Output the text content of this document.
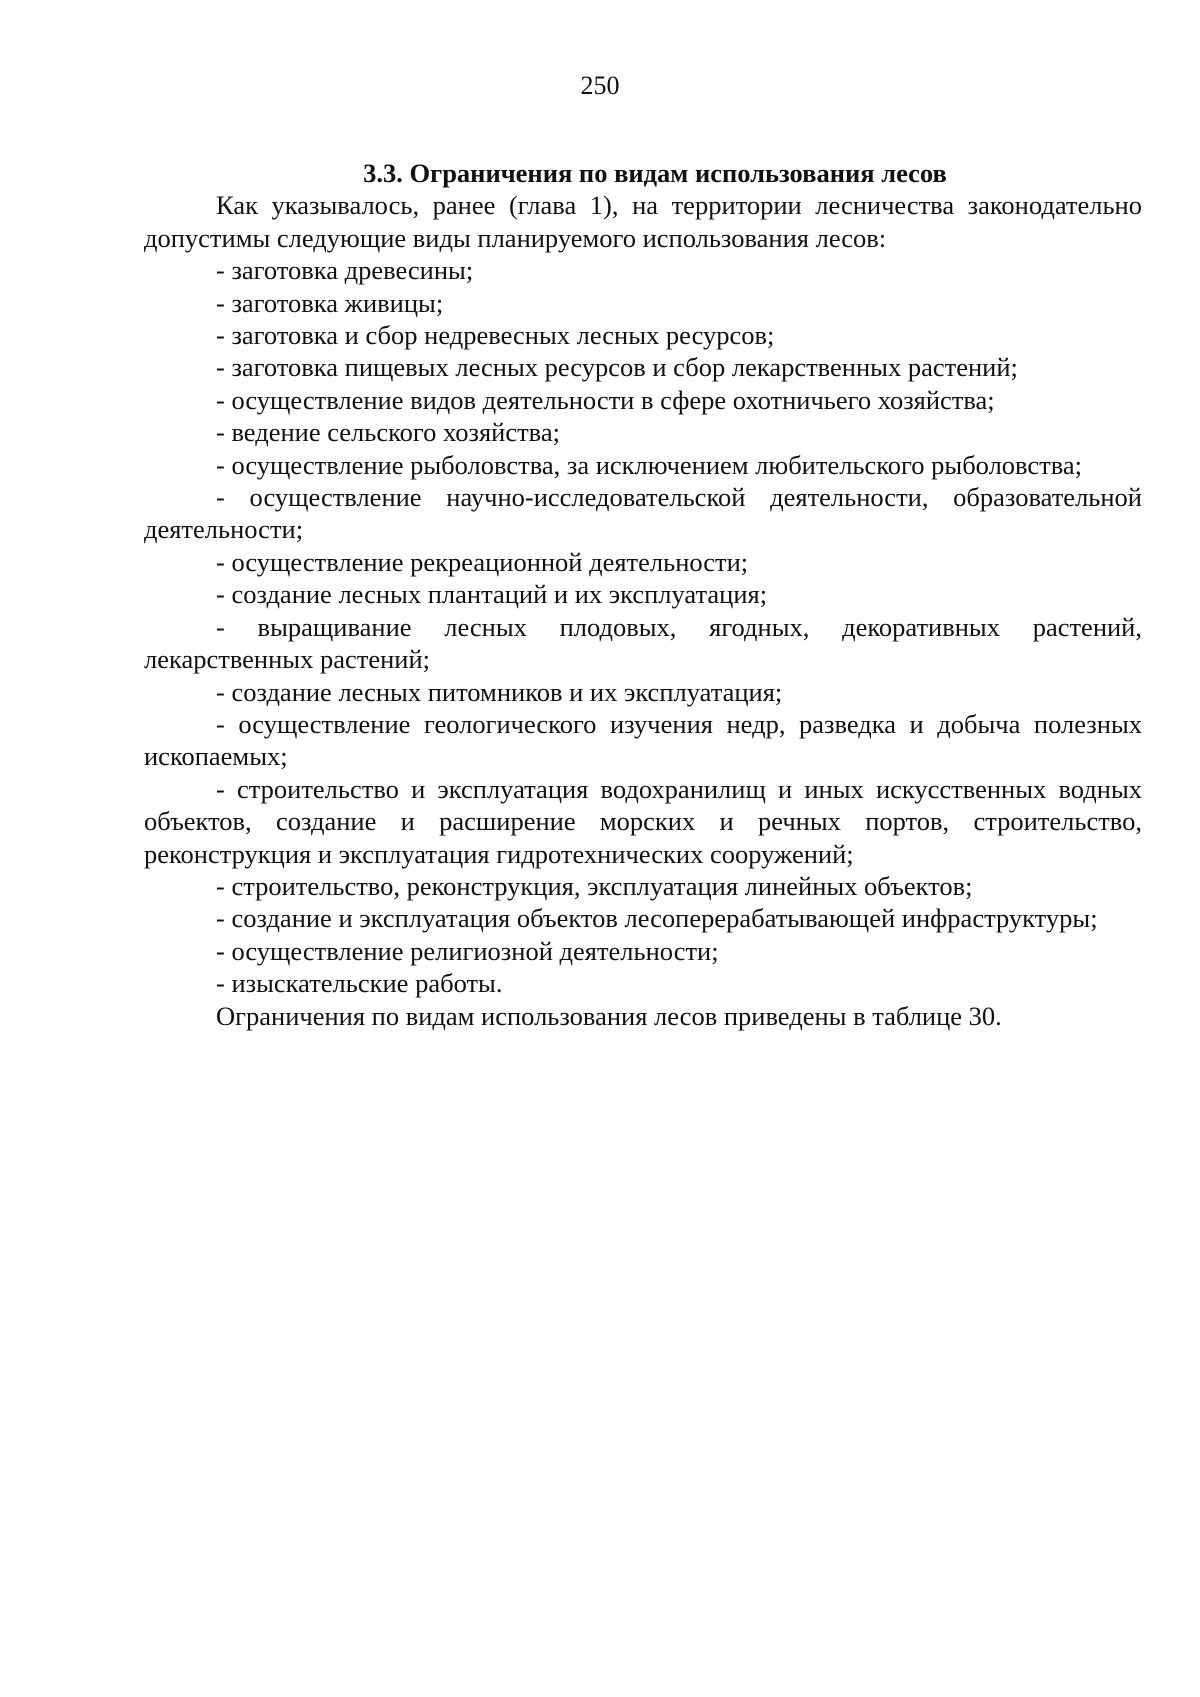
250

3.3. Ограничения по видам использования лесов

Как указывалось, ранее (глава 1), на территории лесничества законодательно допустимы следующие виды планируемого использования лесов:

- заготовка древесины;

- заготовка живицы;

- заготовка и сбор недревесных лесных ресурсов;

- заготовка пищевых лесных ресурсов и сбор лекарственных растений;

- осуществление видов деятельности в сфере охотничьего хозяйства;

- ведение сельского хозяйства;

- осуществление рыболовства, за исключением любительского рыболовства;

- осуществление научно-исследовательской деятельности, образовательной деятельности;

- осуществление рекреационной деятельности;

- создание лесных плантаций и их эксплуатация;

- выращивание лесных плодовых, ягодных, декоративных растений, лекарственных растений;

- создание лесных питомников и их эксплуатация;

- осуществление геологического изучения недр, разведка и добыча полезных ископаемых;

- строительство и эксплуатация водохранилищ и иных искусственных водных объектов, создание и расширение морских и речных портов, строительство, реконструкция и эксплуатация гидротехнических сооружений;

- строительство, реконструкция, эксплуатация линейных объектов;

- создание и эксплуатация объектов лесоперерабатывающей инфраструктуры;

- осуществление религиозной деятельности;

- изыскательские работы.

Ограничения по видам использования лесов приведены в таблице 30.
